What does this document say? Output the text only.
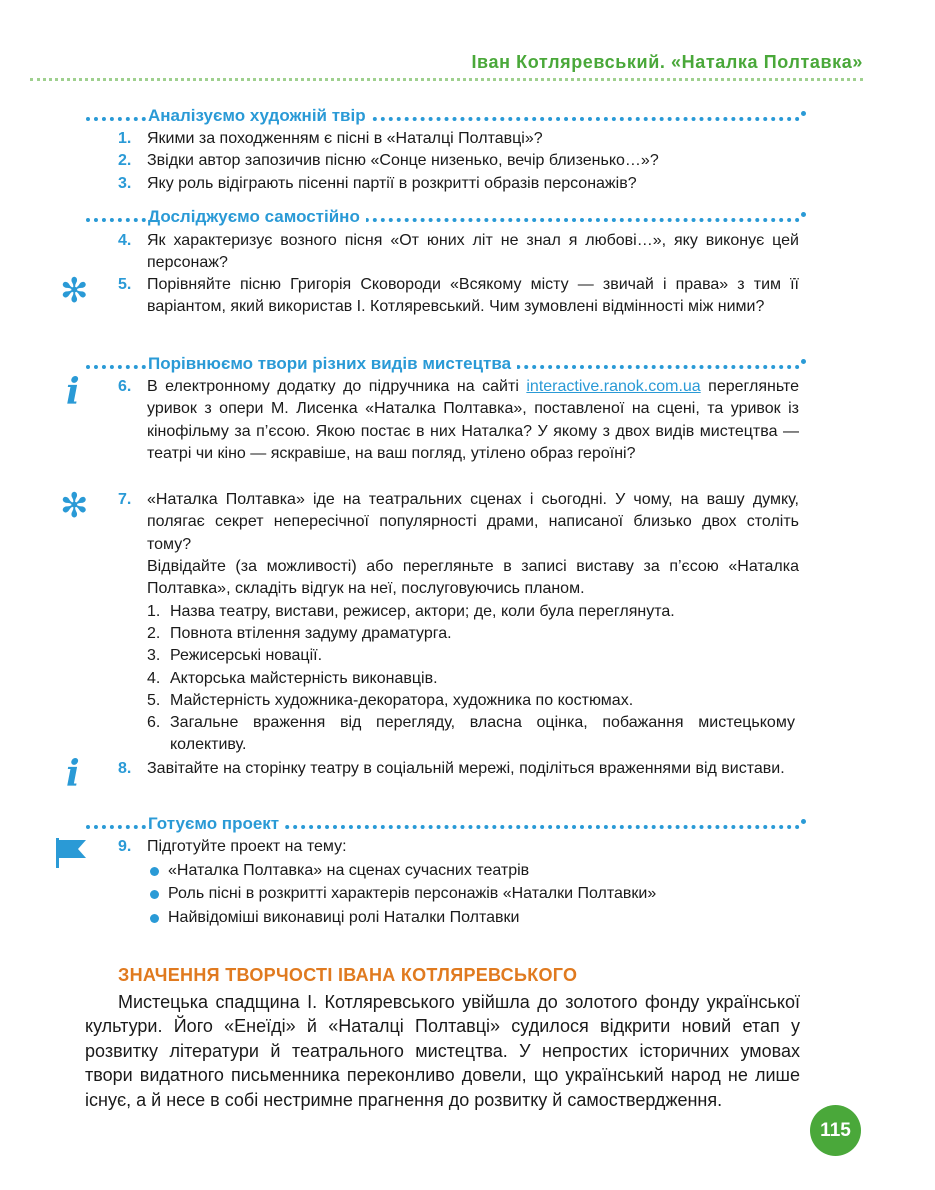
Іван Котляревський. «Наталка Полтавка»
Аналізуємо художній твір
1. Якими за походженням є пісні в «Наталці Полтавці»?
2. Звідки автор запозичив пісню «Сонце низенько, вечір близенько…»?
3. Яку роль відіграють пісенні партії в розкритті образів персонажів?
Досліджуємо самостійно
4. Як характеризує возного пісня «От юних літ не знал я любові…», яку виконує цей персонаж?
✻ 5. Порівняйте пісню Григорія Сковороди «Всякому місту — звичай і права» з тим її варіантом, який використав І. Котляревський. Чим зумовлені відмінності між ними?
Порівнюємо твори різних видів мистецтва
i 6. В електронному додатку до підручника на сайті interactive.ranok.com.ua перегляньте уривок з опери М. Лисенка «Наталка Полтавка», поставленої на сцені, та уривок із кінофільму за п’єсою. Якою постає в них Наталка? У якому з двох видів мистецтва — театрі чи кіно — яскравіше, на ваш погляд, утілено образ героїні?
✻ 7. «Наталка Полтавка» іде на театральних сценах і сьогодні. У чому, на вашу думку, полягає секрет непересічної популярності драми, написаної близько двох століть тому?
Відвідайте (за можливості) або перегляньте в записі виставу за п’єсою «Наталка Полтавка», складіть відгук на неї, послуговуючись планом.
1. Назва театру, вистави, режисер, актори; де, коли була переглянута.
2. Повнота втілення задуму драматурга.
3. Режисерські новації.
4. Акторська майстерність виконавців.
5. Майстерність художника-декоратора, художника по костюмах.
6. Загальне враження від перегляду, власна оцінка, побажання мистецькому колективу.
i 8. Завітайте на сторінку театру в соціальній мережі, поділіться враженнями від вистави.
Готуємо проект
9. Підготуйте проект на тему:
«Наталка Полтавка» на сценах сучасних театрів
Роль пісні в розкритті характерів персонажів «Наталки Полтавки»
Найвідоміші виконавиці ролі Наталки Полтавки
ЗНАЧЕННЯ ТВОРЧОСТІ ІВАНА КОТЛЯРЕВСЬКОГО
Мистецька спадщина І. Котляревського увійшла до золотого фонду української культури. Його «Енеїді» й «Наталці Полтавці» судилося відкрити новий етап у розвитку літератури й театрального мистецтва. У непростих історичних умовах твори видатного письменника переконливо довели, що український народ не лише існує, а й несе в собі нестримне прагнення до розвитку й самоствердження.
115
